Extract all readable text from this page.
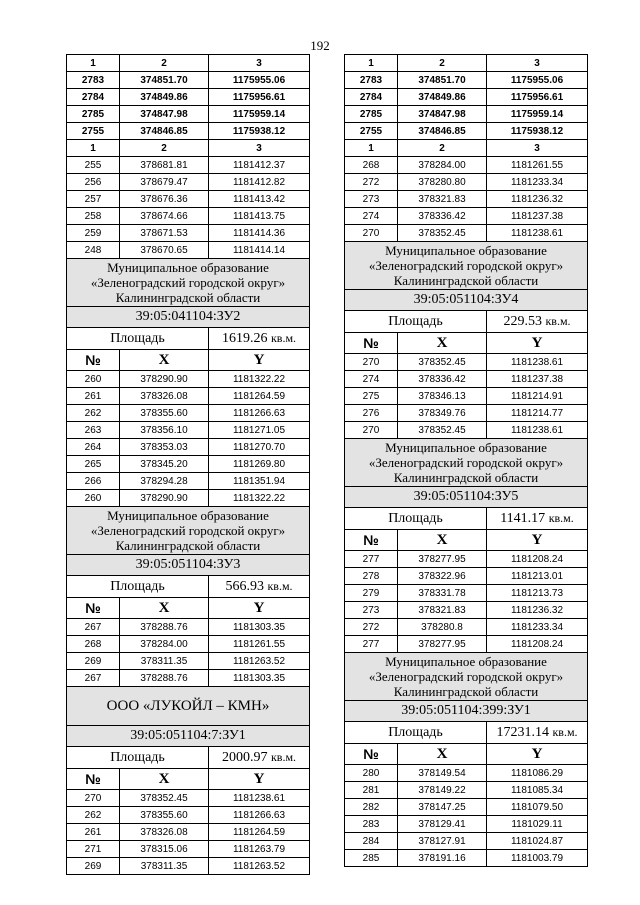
192
1	2	3
2783	374851.70	1175955.06
2784	374849.86	1175956.61
2785	374847.98	1175959.14
2755	374846.85	1175938.12
1	2	3
255	378681.81	1181412.37
256	378679.47	1181412.82
257	378676.36	1181413.42
258	378674.66	1181413.75
259	378671.53	1181414.36
248	378670.65	1181414.14

Муниципальное образование
«Зеленоградский городской округ»
Калининградской области		

39:05:041104:ЗУ2		
Площадь		1619.26 кв.м.
№	X	Y
260	378290.90	1181322.22
261	378326.08	1181264.59
262	378355.60	1181266.63
263	378356.10	1181271.05
264	378353.03	1181270.70
265	378345.20	1181269.80
266	378294.28	1181351.94
260	378290.90	1181322.22

Муниципальное образование
«Зеленоградский городской округ»
Калининградской области		

39:05:051104:ЗУ3		
Площадь		566.93 кв.м.
№	X	Y
267	378288.76	1181303.35
268	378284.00	1181261.55
269	378311.35	1181263.52
267	378288.76	1181303.35
ООО «ЛУКОЙЛ – КМН»		
39:05:051104:7:ЗУ1		
Площадь		2000.97 кв.м.
№	X	Y
270	378352.45	1181238.61
262	378355.60	1181266.63
261	378326.08	1181264.59
271	378315.06	1181263.79
269	378311.35	1181263.52
1	2	3
2783	374851.70	1175955.06
2784	374849.86	1175956.61
2785	374847.98	1175959.14
2755	374846.85	1175938.12
1	2	3
268	378284.00	1181261.55
272	378280.80	1181233.34
273	378321.83	1181236.32
274	378336.42	1181237.38
270	378352.45	1181238.61

Муниципальное образование
«Зеленоградский городской округ»
Калининградской области		

39:05:051104:ЗУ4		
Площадь		229.53 кв.м.
№	X	Y
270	378352.45	1181238.61
274	378336.42	1181237.38
275	378346.13	1181214.91
276	378349.76	1181214.77
270	378352.45	1181238.61

Муниципальное образование
«Зеленоградский городской округ»
Калининградской области		

39:05:051104:ЗУ5		
Площадь		1141.17 кв.м.
№	X	Y
277	378277.95	1181208.24
278	378322.96	1181213.01
279	378331.78	1181213.73
273	378321.83	1181236.32
272	378280.8	1181233.34
277	378277.95	1181208.24

Муниципальное образование
«Зеленоградский городской округ»
Калининградской области		

39:05:051104:399:ЗУ1		
Площадь		17231.14 кв.м.
№	X	Y
280	378149.54	1181086.29
281	378149.22	1181085.34
282	378147.25	1181079.50
283	378129.41	1181029.11
284	378127.91	1181024.87
285	378191.16	1181003.79
